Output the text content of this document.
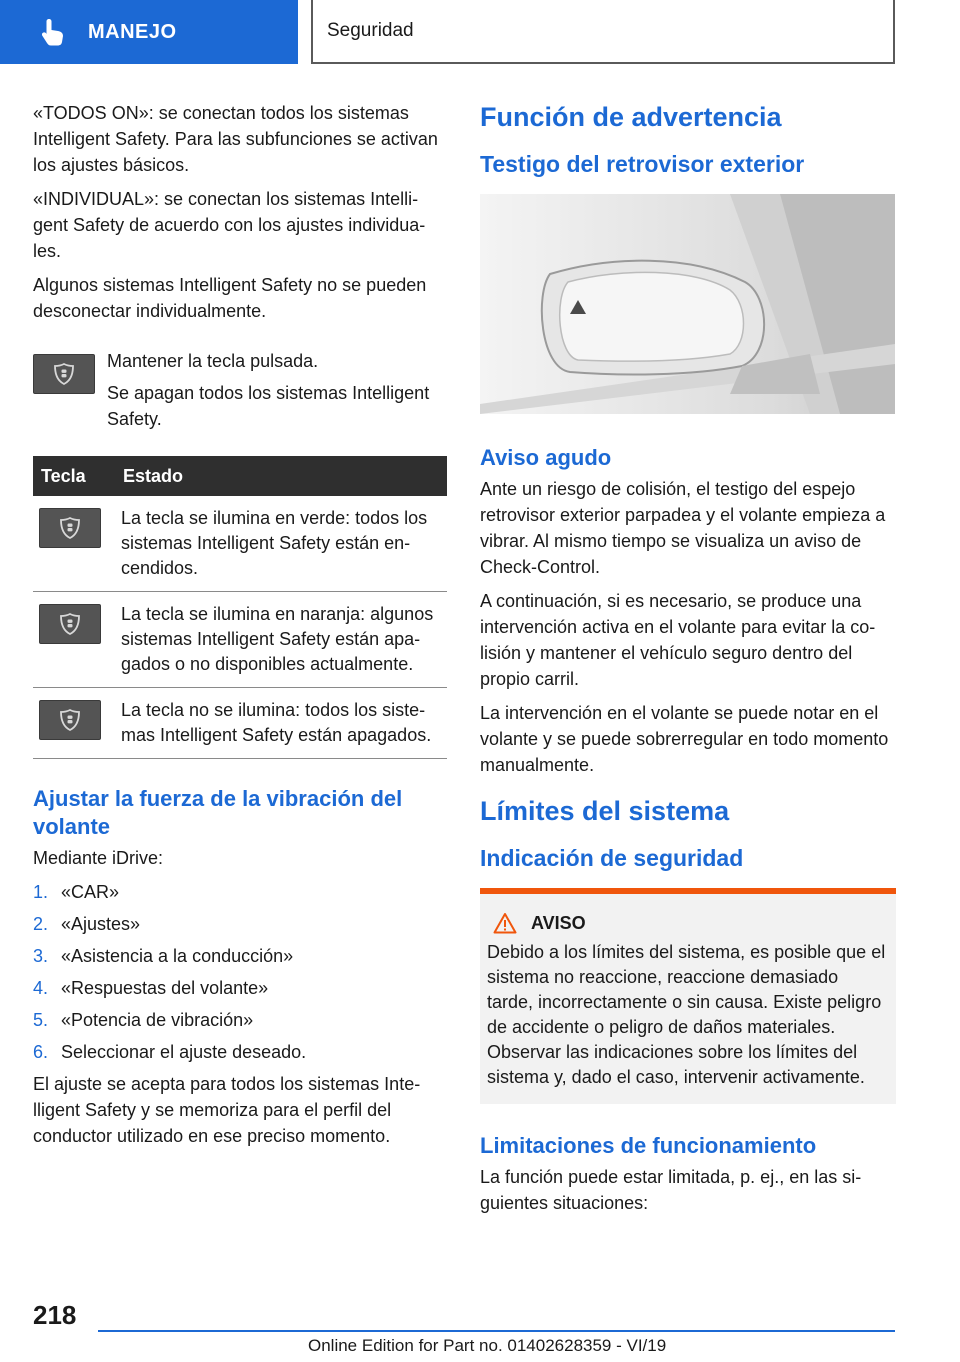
MANEJO	Seguridad

«TODOS ON»: se conectan todos los sistemas Intelligent Safety. Para las subfunciones se activan los ajustes básicos.

«INDIVIDUAL»: se conectan los sistemas Intelligent Safety de acuerdo con los ajustes individuales.

Algunos sistemas Intelligent Safety no se pueden desconectar individualmente.

Mantener la tecla pulsada.

Se apagan todos los sistemas Intelligent Safety.

Tecla	Estado

	La tecla se ilumina en verde: todos los sistemas Intelligent Safety están encendidos.

	La tecla se ilumina en naranja: algunos sistemas Intelligent Safety están apagados o no disponibles actualmente.

	La tecla no se ilumina: todos los sistemas Intelligent Safety están apagados.
Ajustar la fuerza de la vibración del volante

Mediante iDrive:

1. «CAR»
2. «Ajustes»
3. «Asistencia a la conducción»
4. «Respuestas del volante»
5. «Potencia de vibración»
6. Seleccionar el ajuste deseado.

El ajuste se acepta para todos los sistemas Intelligent Safety y se memoriza para el perfil del conductor utilizado en ese preciso momento.

Función de advertencia
Testigo del retrovisor exterior
Aviso agudo

Ante un riesgo de colisión, el testigo del espejo retrovisor exterior parpadea y el volante empieza a vibrar. Al mismo tiempo se visualiza un aviso de Check-Control.

A continuación, si es necesario, se produce una intervención activa en el volante para evitar la colisión y mantener el vehículo seguro dentro del propio carril.

La intervención en el volante se puede notar en el volante y se puede sobrerregular en todo momento manualmente.

Límites del sistema
Indicación de seguridad
AVISO

Debido a los límites del sistema, es posible que el sistema no reaccione, reaccione demasiado tarde, incorrectamente o sin causa. Existe peligro de accidente o peligro de daños materiales. Observar las indicaciones sobre los límites del sistema y, dado el caso, intervenir activamente.

Limitaciones de funcionamiento

La función puede estar limitada, p. ej., en las siguientes situaciones:

218
Online Edition for Part no. 01402628359 - VI/19
